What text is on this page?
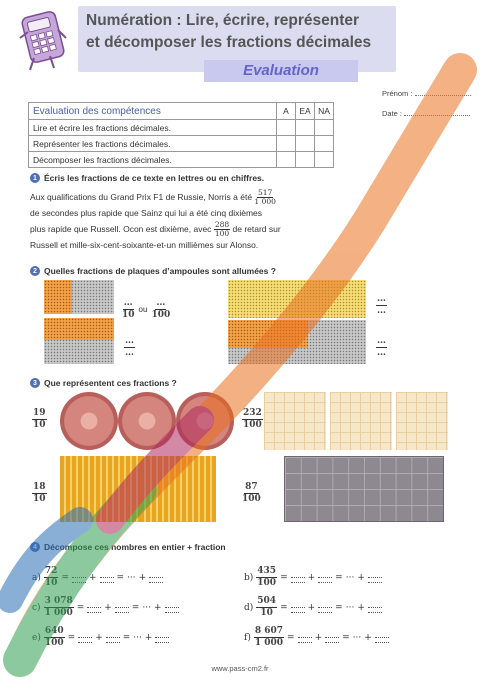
Numération : Lire, écrire, représenter
et décomposer les fractions décimales
Evaluation
Prénom :
Date :
Evaluation des compétences	A	EA	NA
Lire et écrire les fractions décimales.			
Représenter les fractions décimales.			
Décomposer les fractions décimales.			
1 Écris les fractions de ce texte en lettres ou en chiffres.
Aux qualifications du Grand Prix F1 de Russie, Norris a été $\frac{517}{1 000}$
de secondes plus rapide que Sainz qui lui a été cinq dixièmes
plus rapide que Russell. Ocon est dixième, avec $\frac{288}{100}$ de retard sur
Russell et mille-six-cent-soixante-et-un millièmes sur Alonso.
2 Quelles fractions de plaques d’ampoules sont allumées ?
$\frac{\dots}{10}$ ou $\frac{\dots}{100}$
$\frac{\dots}{\dots}$
$\frac{\dots}{\dots}$
$\frac{\dots}{\dots}$
3 Que représentent ces fractions ?
$\frac{19}{10}$	$\frac{232}{100}$
$\frac{18}{10}$	$\frac{87}{100}$
4 Décompose ces nombres en entier + fraction
$a) \frac{72}{10}$ = + = ··· +	$b) \frac{435}{100}$ = + = ··· +
$c) \frac{3 078}{1 000}$ = + = ··· +	$d) \frac{504}{10}$ = + = ··· +
$e) \frac{640}{100}$ = + = ··· +	$f) \frac{8 607}{1 000}$ = + = ··· +
www.pass-cm2.fr
